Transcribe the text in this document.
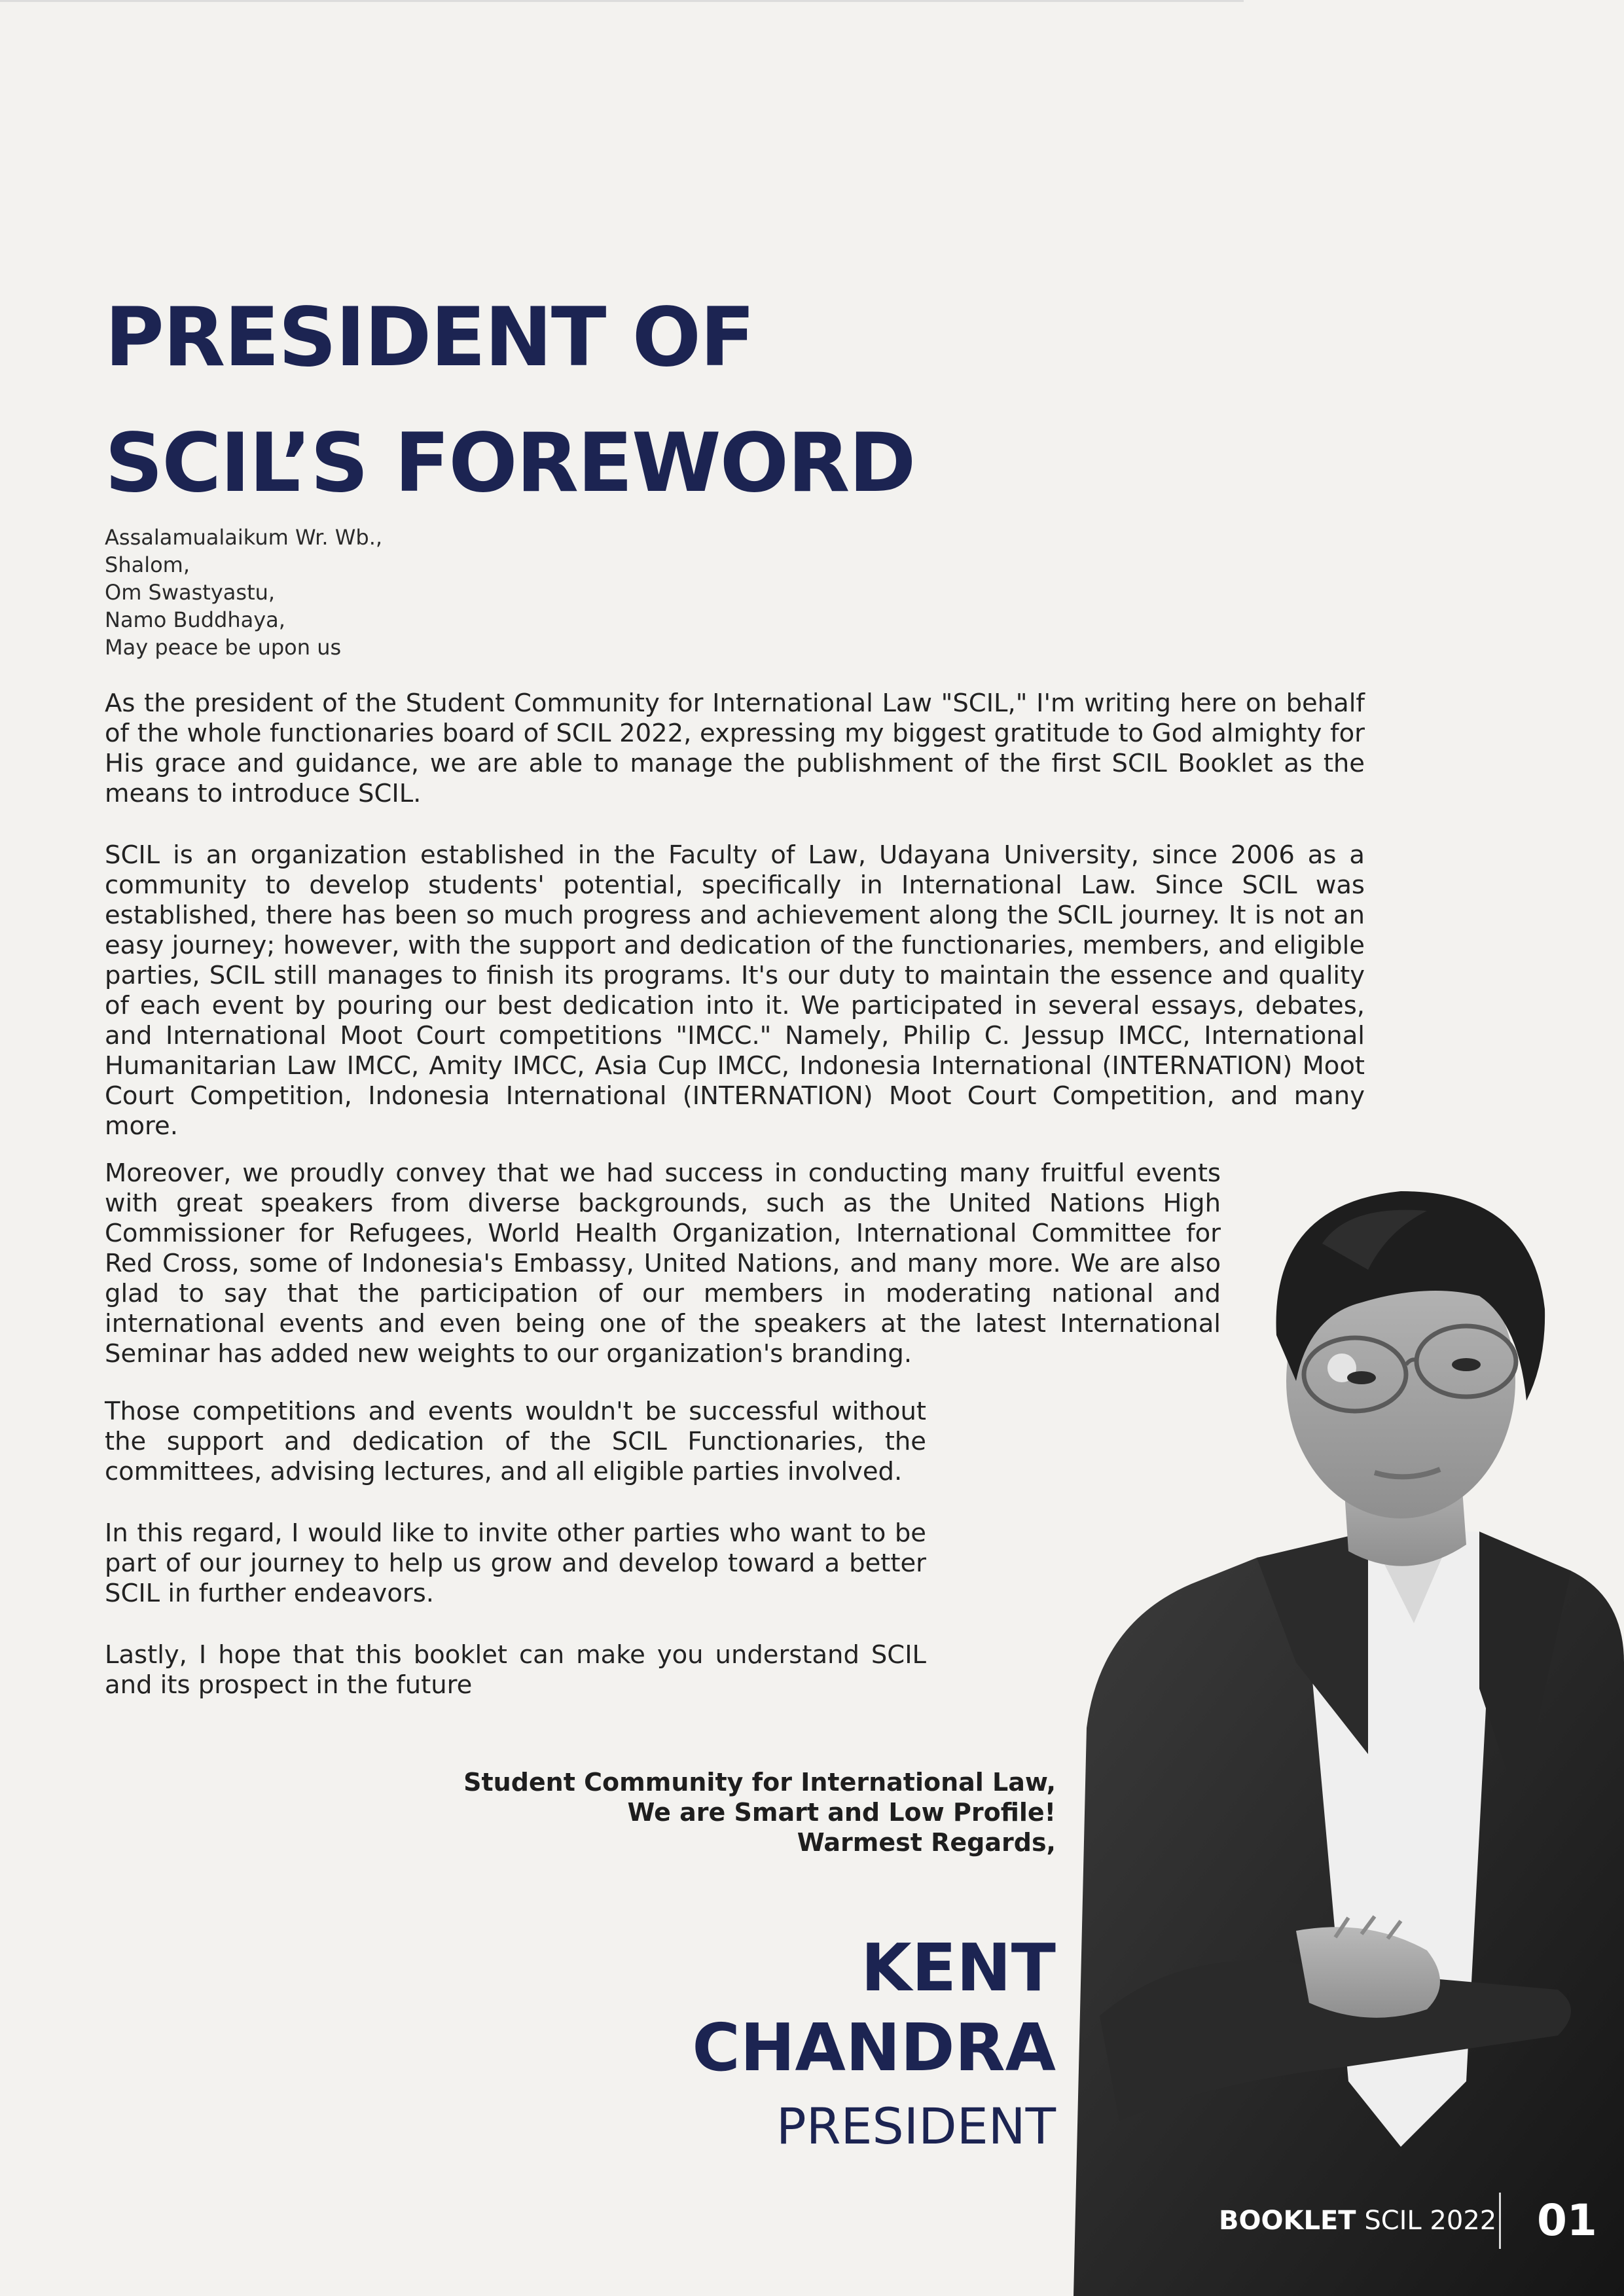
PRESIDENT OF
SCIL’S FOREWORD
Assalamualaikum Wr. Wb.,
Shalom,
Om Swastyastu,
Namo Buddhaya,
May peace be upon us

As the president of the Student Community for International Law "SCIL," I'm writing here on behalf of the whole functionaries board of SCIL 2022, expressing my biggest gratitude to God almighty for His grace and guidance, we are able to manage the publishment of the first SCIL Booklet as the means to introduce SCIL.

SCIL is an organization established in the Faculty of Law, Udayana University, since 2006 as a community to develop students' potential, specifically in International Law. Since SCIL was established, there has been so much progress and achievement along the SCIL journey. It is not an easy journey; however, with the support and dedication of the functionaries, members, and eligible parties, SCIL still manages to finish its programs. It's our duty to maintain the essence and quality of each event by pouring our best dedication into it. We participated in several essays, debates, and International Moot Court competitions "IMCC." Namely, Philip C. Jessup IMCC, International Humanitarian Law IMCC, Amity IMCC, Asia Cup IMCC, Indonesia International (INTERNATION) Moot Court Competition, Indonesia International (INTERNATION) Moot Court Competition, and many more.

Moreover, we proudly convey that we had success in conducting many fruitful events with great speakers from diverse backgrounds, such as the United Nations High Commissioner for Refugees, World Health Organization, International Committee for Red Cross, some of Indonesia's Embassy, United Nations, and many more. We are also glad to say that the participation of our members in moderating national and international events and even being one of the speakers at the latest International Seminar has added new weights to our organization's branding.

Those competitions and events wouldn't be successful without the support and dedication of the SCIL Functionaries, the committees, advising lectures, and all eligible parties involved.

In this regard, I would like to invite other parties who want to be part of our journey to help us grow and develop toward a better SCIL in further endeavors.

Lastly, I hope that this booklet can make you understand SCIL and its prospect in the future

Student Community for International Law,
We are Smart and Low Profile!
Warmest Regards,
KENT
CHANDRA
PRESIDENT
BOOKLET SCIL 2022 01
